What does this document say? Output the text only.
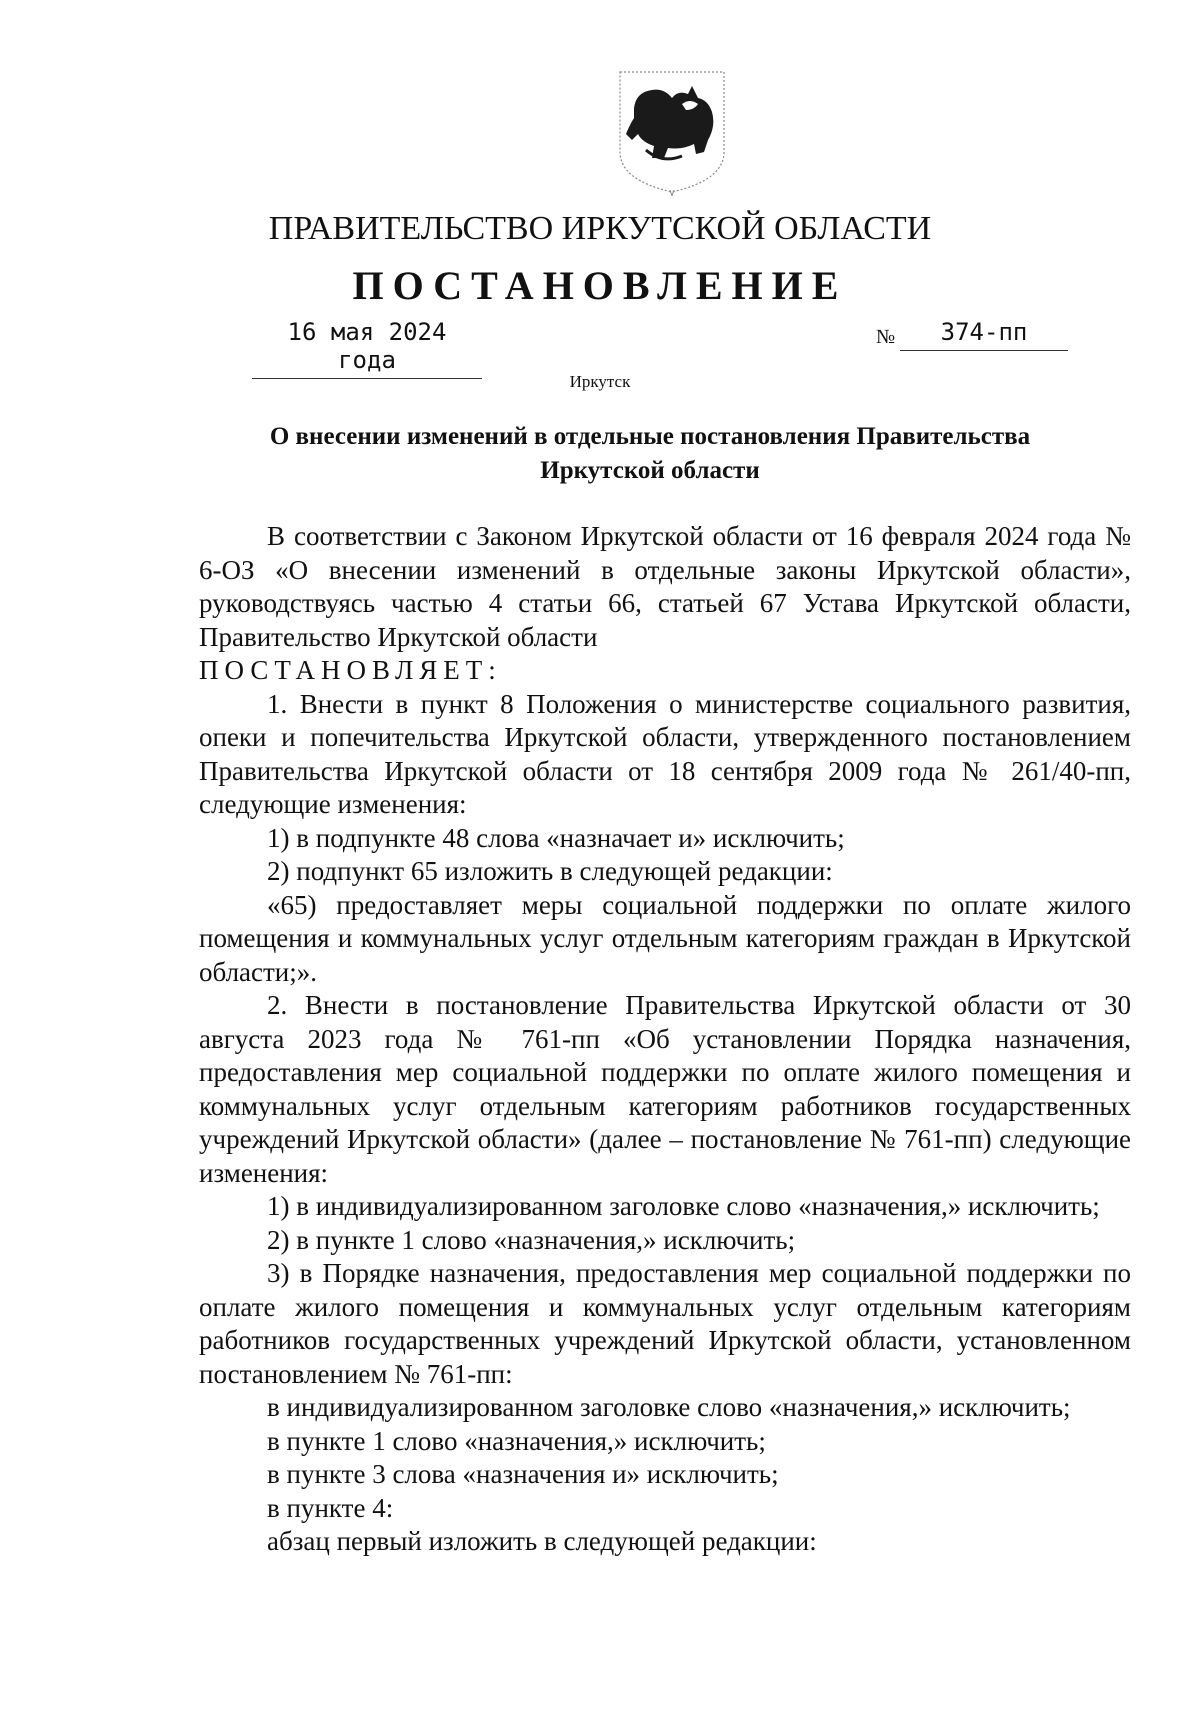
ПРАВИТЕЛЬСТВО ИРКУТСКОЙ ОБЛАСТИ
ПОСТАНОВЛЕНИЕ
16 мая 2024 года
№	374-пп
Иркутск
О внесении изменений в отдельные постановления Правительства
Иркутской области

В соответствии с Законом Иркутской области от 16 февраля 2024 года № 6-ОЗ «О внесении изменений в отдельные законы Иркутской области», руководствуясь частью 4 статьи 66, статьей 67 Устава Иркутской области, Правительство Иркутской области

ПОСТАНОВЛЯЕТ:

1. Внести в пункт 8 Положения о министерстве социального развития, опеки и попечительства Иркутской области, утвержденного постановлением Правительства Иркутской области от 18 сентября 2009 года № 261/40-пп, следующие изменения:

1) в подпункте 48 слова «назначает и» исключить;

2) подпункт 65 изложить в следующей редакции:

«65) предоставляет меры социальной поддержки по оплате жилого помещения и коммунальных услуг отдельным категориям граждан в Иркутской области;».

2. Внести в постановление Правительства Иркутской области от 30 августа 2023 года № 761-пп «Об установлении Порядка назначения, предоставления мер социальной поддержки по оплате жилого помещения и коммунальных услуг отдельным категориям работников государственных учреждений Иркутской области» (далее – постановление № 761-пп) следующие изменения:

1) в индивидуализированном заголовке слово «назначения,» исключить;

2) в пункте 1 слово «назначения,» исключить;

3) в Порядке назначения, предоставления мер социальной поддержки по оплате жилого помещения и коммунальных услуг отдельным категориям работников государственных учреждений Иркутской области, установленном постановлением № 761-пп:

в индивидуализированном заголовке слово «назначения,» исключить;

в пункте 1 слово «назначения,» исключить;

в пункте 3 слова «назначения и» исключить;

в пункте 4:

абзац первый изложить в следующей редакции:
